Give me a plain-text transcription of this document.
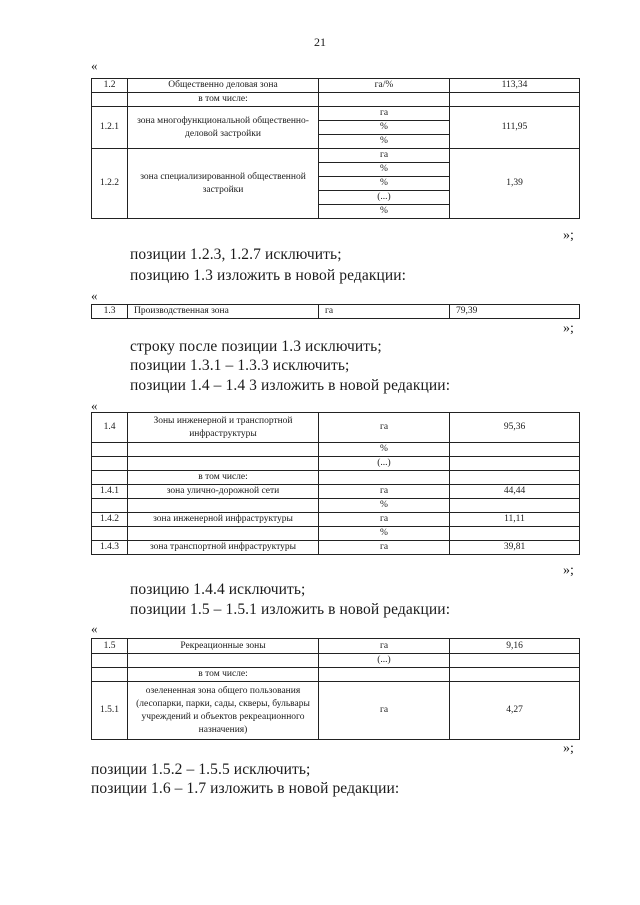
21
«
1.2	Общественно деловая зона	га/%	113,34
	в том числе:		
1.2.1	зона многофункциональной общественно-деловой застройки	га	111,95
		%	
		%	
1.2.2	зона специализированной общественной застройки	га	1,39
		%	
		%	
		(...)	
		%	
»;
позиции 1.2.3, 1.2.7 исключить;
позицию 1.3 изложить в новой редакции:
«
1.3	Производственная зона	га	79,39
»;
строку после позиции 1.3 исключить;
позиции 1.3.1 – 1.3.3 исключить;
позиции 1.4 – 1.4 3 изложить в новой редакции:
«
1.4	Зоны инженерной и транспортной инфраструктуры	га	95,36
		%	
		(...)	
	в том числе:		
1.4.1	зона улично-дорожной сети	га	44,44
		%	
1.4.2	зона инженерной инфраструктуры	га	11,11
		%	
1.4.3	зона транспортной инфраструктуры	га	39,81
»;
позицию 1.4.4 исключить;
позиции 1.5 – 1.5.1 изложить в новой редакции:
«
1.5	Рекреационные зоны	га	9,16
		(...)	
	в том числе:		
1.5.1	озелененная зона общего пользования (лесопарки, парки, сады, скверы, бульвары учреждений и объектов рекреационного назначения)	га	4,27
»;
позиции 1.5.2 – 1.5.5 исключить;
позиции 1.6 – 1.7 изложить в новой редакции:
